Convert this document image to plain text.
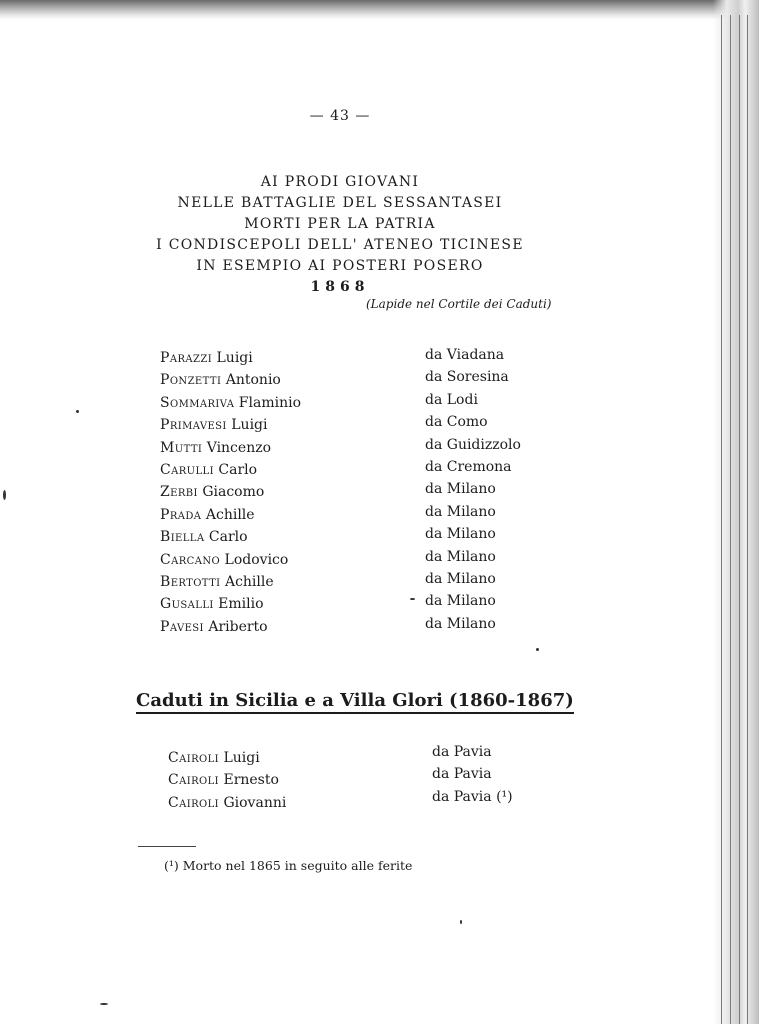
— 43 —
AI PRODI GIOVANI
NELLE BATTAGLIE DEL SESSANTASEI
MORTI PER LA PATRIA
I CONDISCEPOLI DELL' ATENEO TICINESE
IN ESEMPIO AI POSTERI POSERO
1868
(Lapide nel Cortile dei Caduti)
Parazzi Luigi	da Viadana
Ponzetti Antonio	da Soresina
Sommariva Flaminio	da Lodi
Primavesi Luigi	da Como
Mutti Vincenzo	da Guidizzolo
Carulli Carlo	da Cremona
Zerbi Giacomo	da Milano
Prada Achille	da Milano
Biella Carlo	da Milano
Carcano Lodovico	da Milano
Bertotti Achille	da Milano
Gusalli Emilio	da Milano
Pavesi Ariberto	da Milano
Caduti in Sicilia e a Villa Glori (1860-1867)
Cairoli Luigi	da Pavia
Cairoli Ernesto	da Pavia
Cairoli Giovanni	da Pavia (¹)
(¹) Morto nel 1865 in seguito alle ferite
